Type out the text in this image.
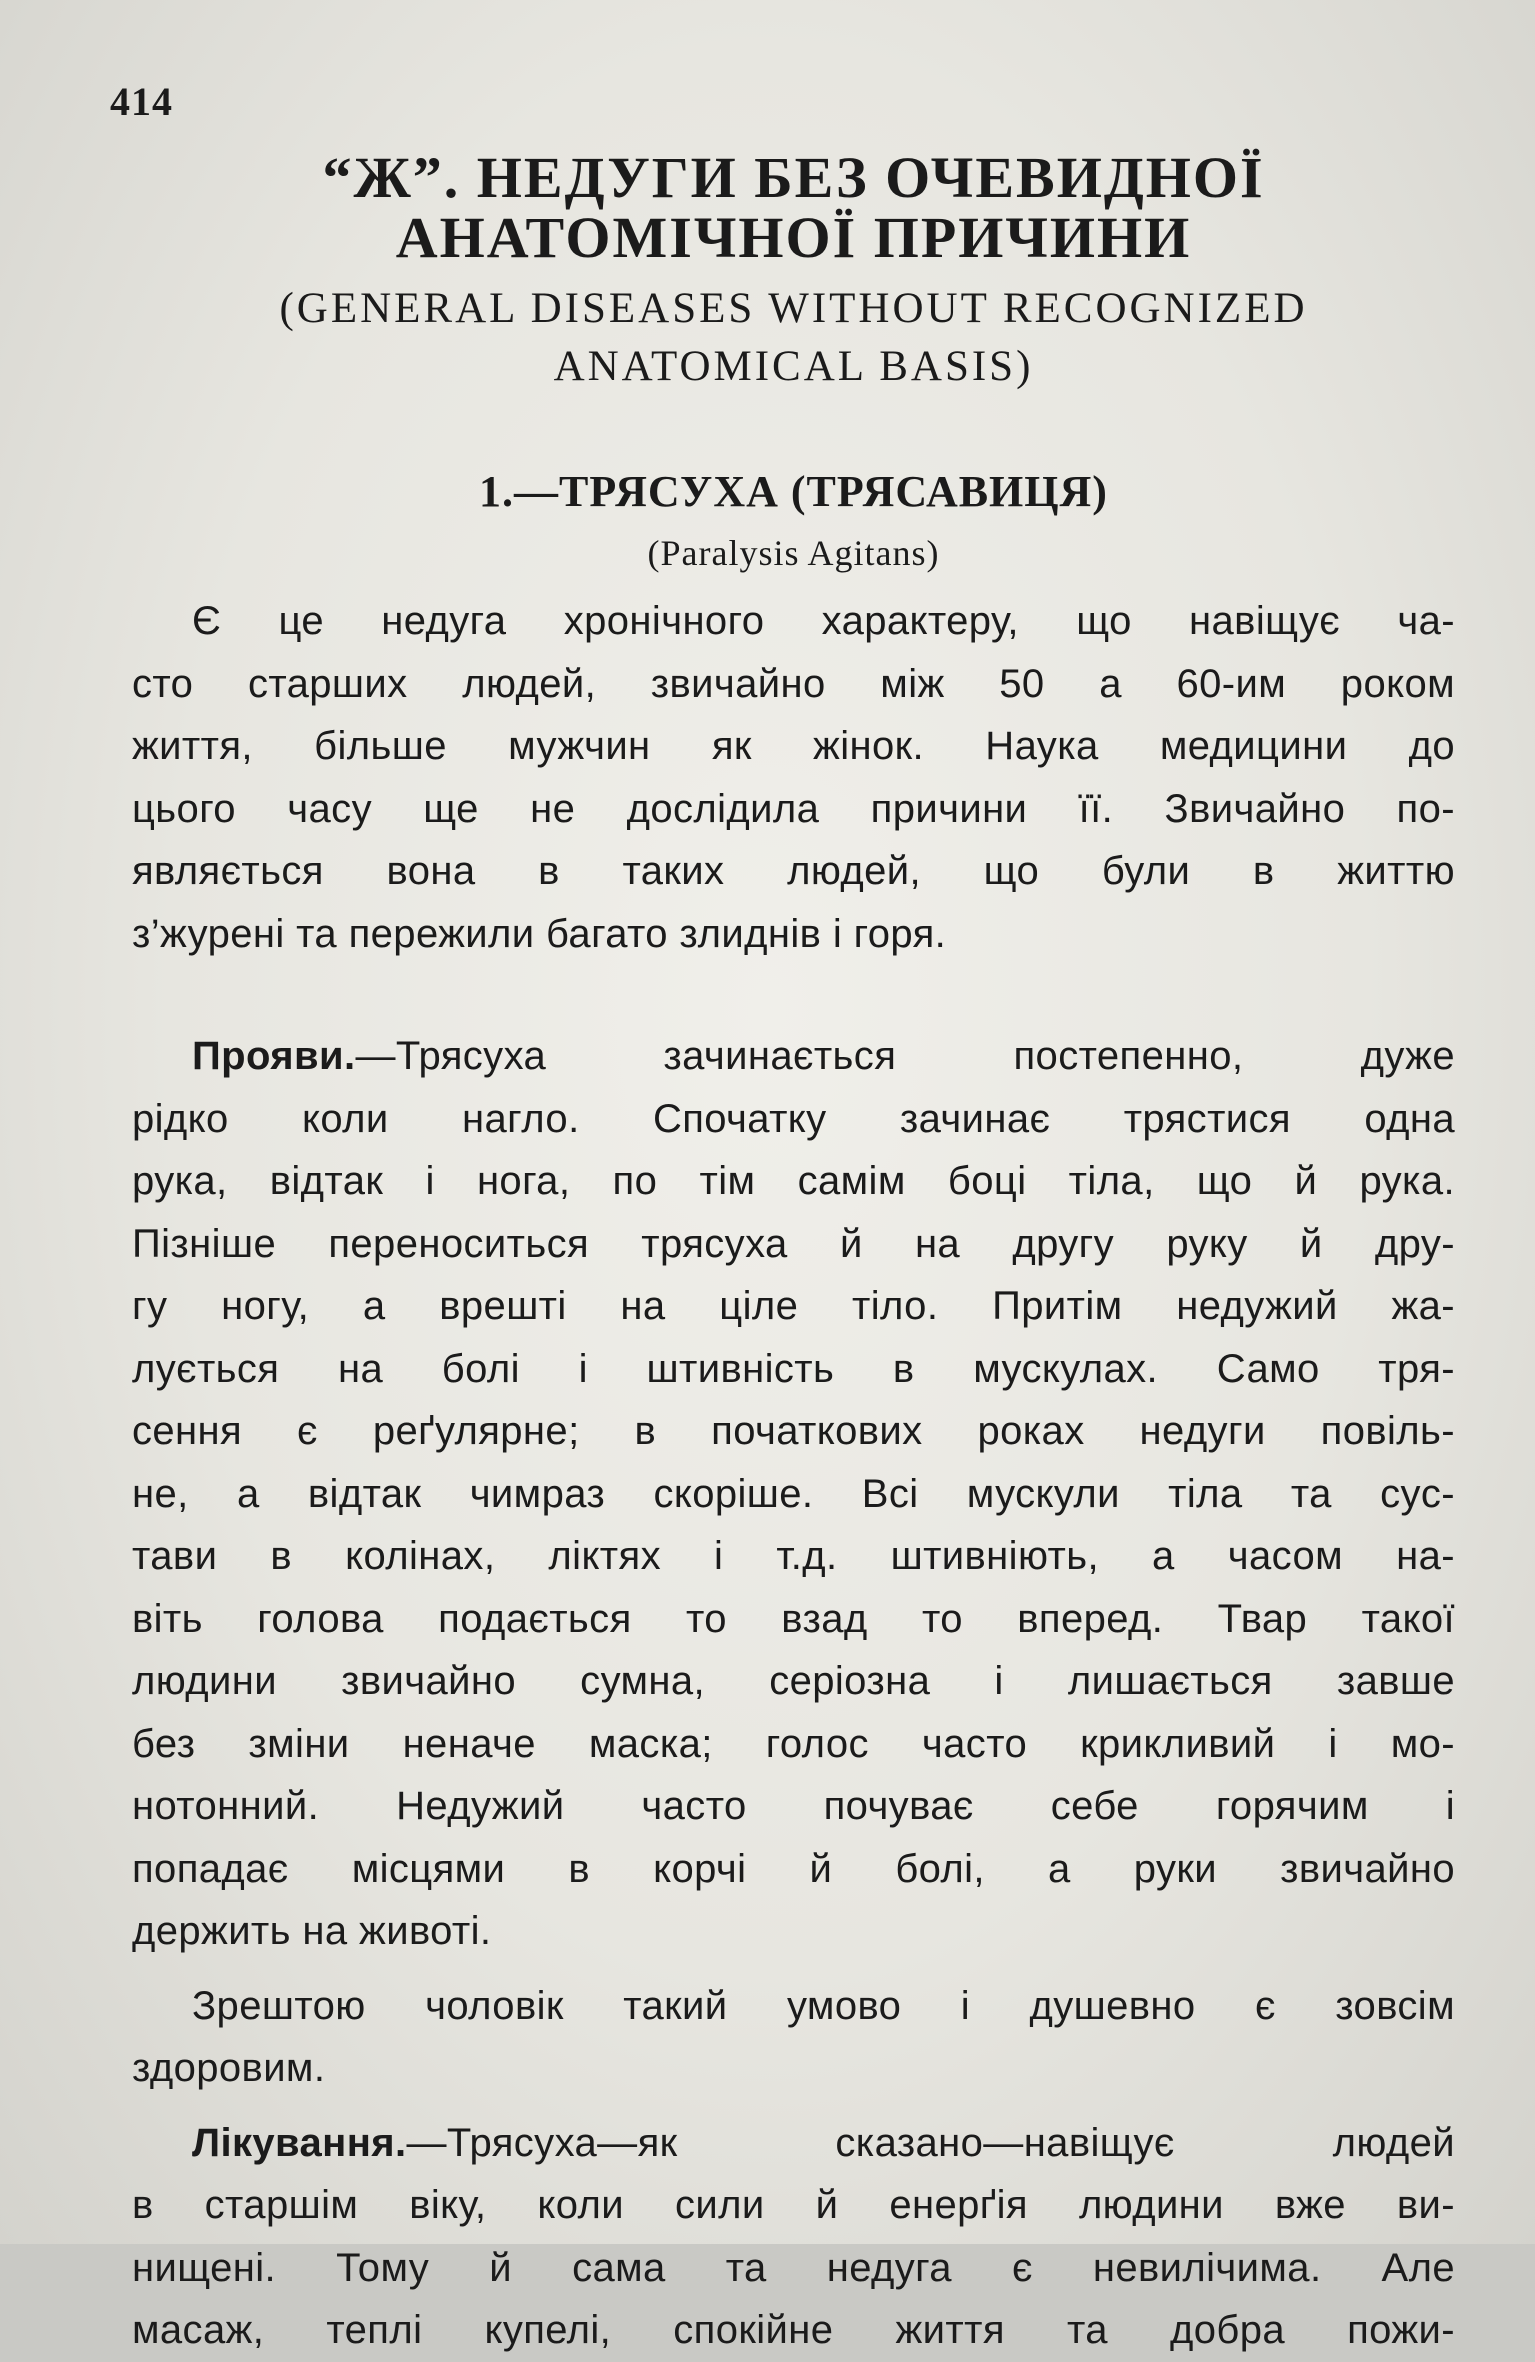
414
“Ж”. НЕДУГИ БЕЗ ОЧЕВИДНОЇ
АНАТОМІЧНОЇ ПРИЧИНИ
(GENERAL DISEASES WITHOUT RECOGNIZED
ANATOMICAL BASIS)
1.—ТРЯСУХА (ТРЯСАВИЦЯ)
(Paralysis Agitans)
Є це недуга хронічного характеру, що навіщує ча-
сто старших людей, звичайно між 50 а 60-им роком
життя, більше мужчин як жінок. Наука медицини до
цього часу ще не дослідила причини її. Звичайно по-
являється вона в таких людей, що були в життю
з’журені та пережили багато злиднів і горя.
Прояви.—Трясуха зачинається постепенно, дуже
рідко коли нагло. Спочатку зачинає трястися одна
рука, відтак і нога, по тім самім боці тіла, що й рука.
Пізніше переноситься трясуха й на другу руку й дру-
гу ногу, а врешті на ціле тіло. Притім недужий жа-
лується на болі і штивність в мускулах. Само тря-
сення є реґулярне; в початкових роках недуги повіль-
не, а відтак чимраз скоріше. Всі мускули тіла та суc-
тави в колінах, ліктях і т.д. штивніють, а часом на-
віть голова подається то взад то вперед. Твар такої
людини звичайно сумна, серіозна і лишається завше
без зміни неначе маска; голос часто крикливий і мо-
нотонний. Недужий часто почуває себе горячим і
попадає місцями в корчі й болі, а руки звичайно
держить на животі.
Зрештою чоловік такий умово і душевно є зовсім
здоровим.
Лікування.—Трясуха—як сказано—навіщує людей
в старшім віку, коли сили й енерґія людини вже ви-
нищені. Тому й сама та недуга є невилічима. Але
масаж, теплі купелі, спокійне життя та добра пожи-
